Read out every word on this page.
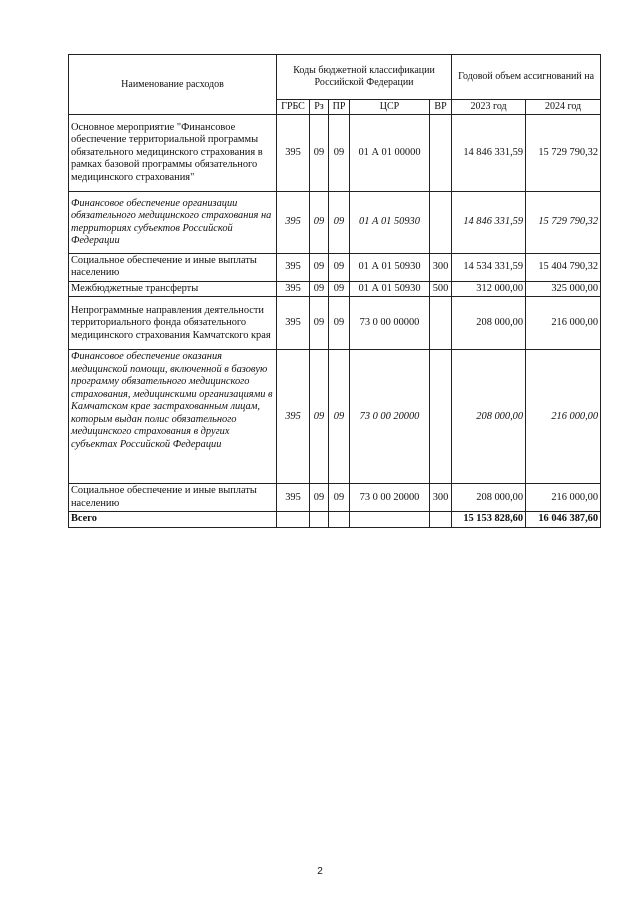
Наименование расходов	Коды бюджетной классификации Российской Федерации					Годовой объем ассигнований на	
	ГРБС	Рз	ПР	ЦСР	ВР	2023 год	2024 год
Основное мероприятие "Финансовое обеспечение территориальной программы обязательного медицинского страхования в рамках базовой программы обязательного медицинского страхования"	395	09	09	01 А 01 00000		14 846 331,59	15 729 790,32
Финансовое обеспечение организации обязательного медицинского страхования на территориях субъектов Российской Федерации	395	09	09	01 А 01 50930		14 846 331,59	15 729 790,32
Социальное обеспечение и иные выплаты населению	395	09	09	01 А 01 50930	300	14 534 331,59	15 404 790,32
Межбюджетные трансферты	395	09	09	01 А 01 50930	500	312 000,00	325 000,00
Непрограммные направления деятельности территориального фонда обязательного медицинского страхования Камчатского края	395	09	09	73 0 00 00000		208 000,00	216 000,00
Финансовое обеспечение оказания медицинской помощи, включенной в базовую программу обязательного медицинского страхования, медицинскими организациями в Камчатском крае застрахованным лицам, которым выдан полис обязательного медицинского страхования в других субъектах Российской Федерации	395	09	09	73 0 00 20000		208 000,00	216 000,00
Социальное обеспечение и иные выплаты населению	395	09	09	73 0 00 20000	300	208 000,00	216 000,00
Всего						15 153 828,60	16 046 387,60
2
